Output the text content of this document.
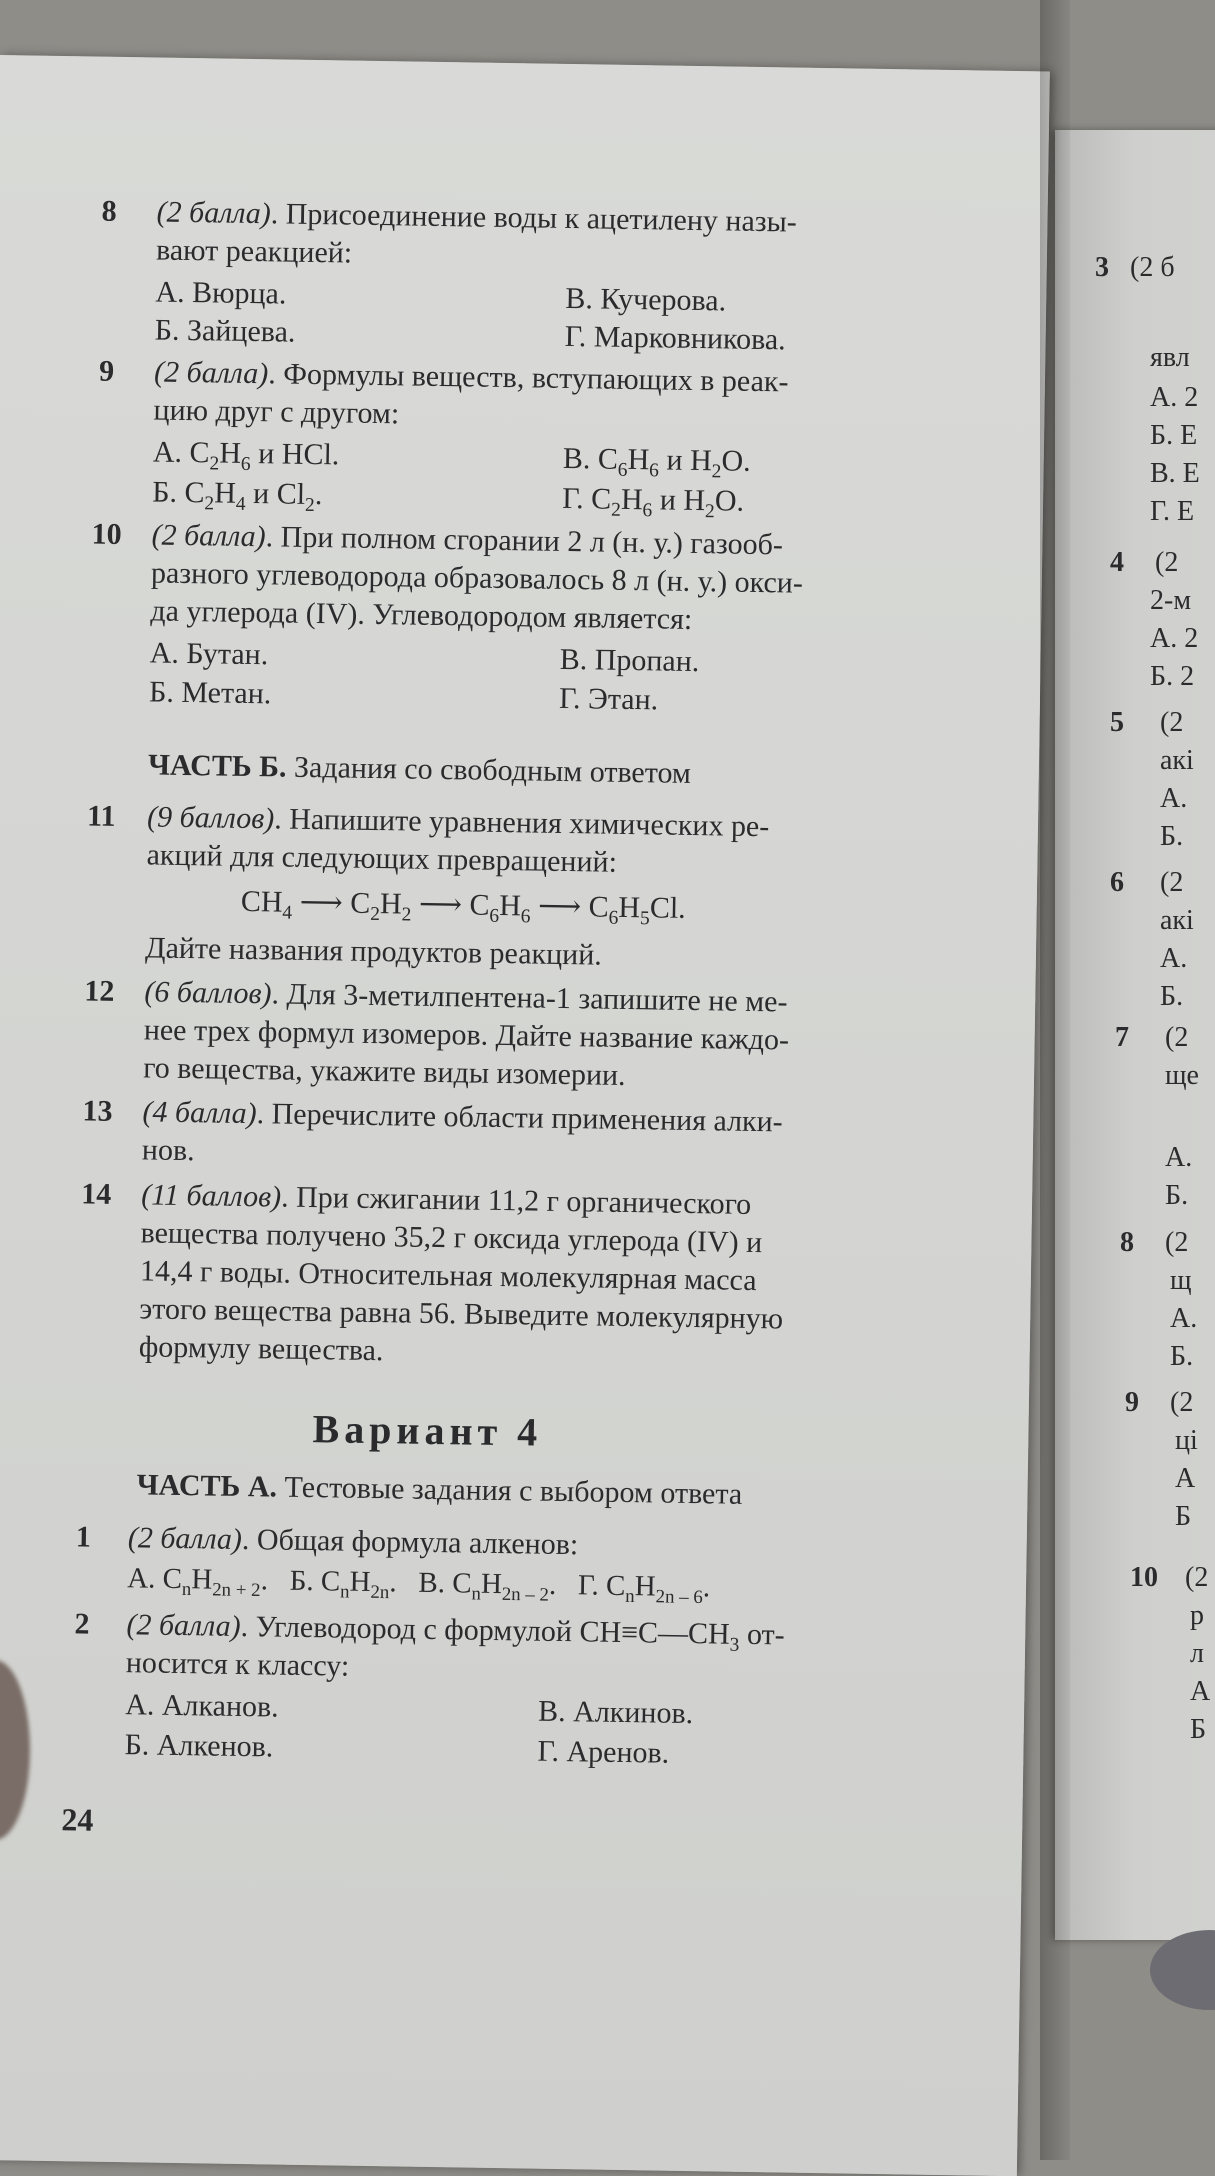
8 (2 балла). Присоединение воды к ацетилену назы-
вают реакцией:
А. Вюрца.	В. Кучерова.
Б. Зайцева.	Г. Марковникова.
9 (2 балла). Формулы веществ, вступающих в реак-
цию друг с другом:
А. $C_2H_6$ и HCl.	В. $C_6H_6$ и $H_2O$.
Б. $C_2H_4$ и $Cl_2$.	Г. $C_2H_6$ и $H_2O$.
10 (2 балла). При полном сгорании 2 л (н. у.) газооб-
разного углеводорода образовалось 8 л (н. у.) окси-
да углерода (IV). Углеводородом является:
А. Бутан.	В. Пропан.
Б. Метан.	Г. Этан.
ЧАСТЬ Б. Задания со свободным ответом
11 (9 баллов). Напишите уравнения химических ре-
акций для следующих превращений:
$CH_4$ ⟶ $C_2H_2$ ⟶ $C_6H_6$ ⟶ $C_6H_5Cl$.
Дайте названия продуктов реакций.
12 (6 баллов). Для 3-метилпентена-1 запишите не ме-
нее трех формул изомеров. Дайте название каждо-
го вещества, укажите виды изомерии.
13 (4 балла). Перечислите области применения алки-
нов.
14 (11 баллов). При сжигании 11,2 г органического
вещества получено 35,2 г оксида углерода (IV) и
14,4 г воды. Относительная молекулярная масса
этого вещества равна 56. Выведите молекулярную
формулу вещества.
Вариант 4
ЧАСТЬ А. Тестовые задания с выбором ответа
1 (2 балла). Общая формула алкенов:
А. $C_nH_{2n + 2}$.   Б. $C_nH_{2n}$.   В. $C_nH_{2n - 2}$.   Г. $C_nH_{2n - 6}$.
2 (2 балла). Углеводород с формулой $CH\equiv C—CH_3$ от-
носится к классу:
А. Алканов.	В. Алкинов.
Б. Алкенов.	Г. Аренов.
24
3 (2 б
явл
А. 2
Б. Е
В. Е
Г. Е
4 (2
2-м
А. 2
Б. 2
5 (2
акі
А.
Б.
6 (2
акі
А.
Б.
7 (2
ще
А.
Б.
8 (2
щ
А.
Б.
9 (2
ці
А
Б
10 (2
р
л
А
Б
